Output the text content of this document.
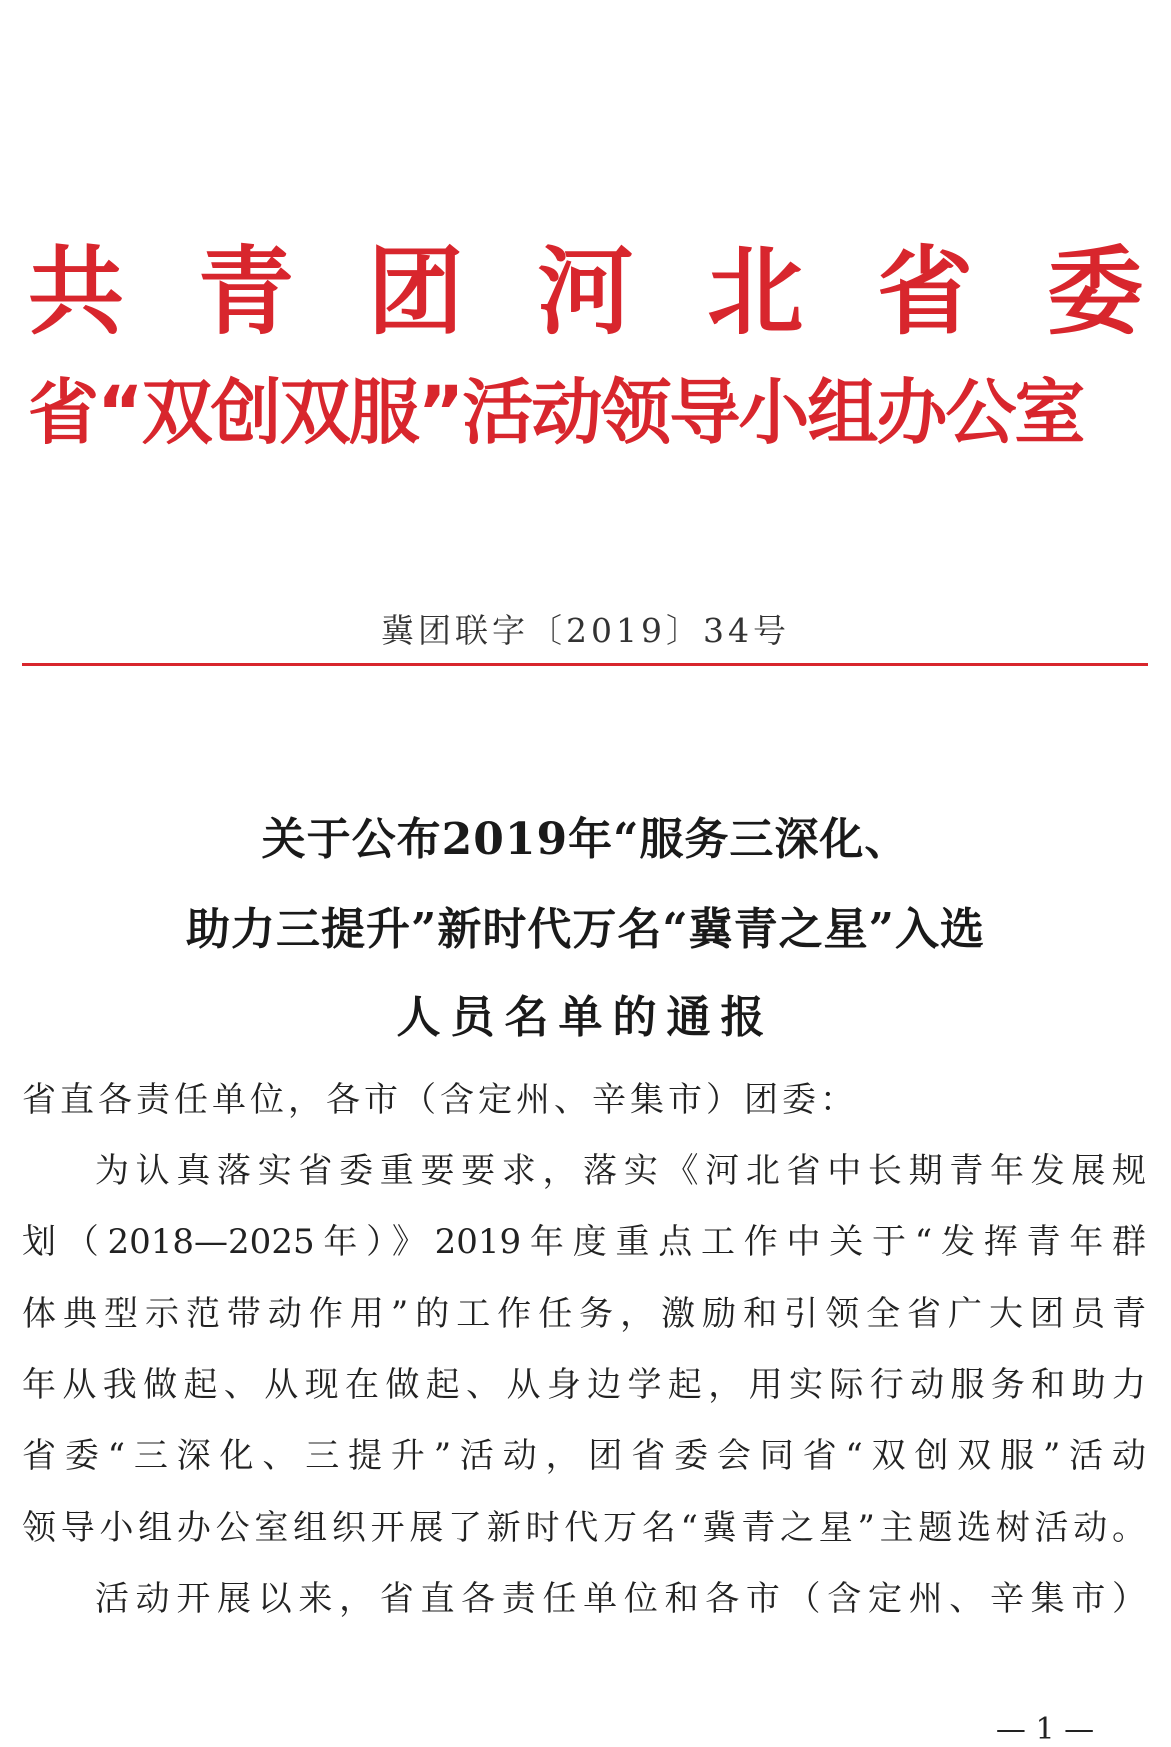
共 青 团 河 北 省 委
省“双创双服”活动领导小组办公室
冀团联字〔2019〕34号
关于公布2019年“服务三深化、
助力三提升”新时代万名“冀青之星”入选
人员名单的通报
省直各责任单位，各市（含定州、辛集市）团委：
为认真落实省委重要要求，落实《河北省中长期青年发展规
划（2018—2025年）》2019年度重点工作中关于“发挥青年群
体典型示范带动作用”的工作任务，激励和引领全省广大团员青
年从我做起、从现在做起、从身边学起，用实际行动服务和助力
省委“三深化、三提升”活动，团省委会同省“双创双服”活动
领导小组办公室组织开展了新时代万名“冀青之星”主题选树活动。
活动开展以来，省直各责任单位和各市（含定州、辛集市）
— 1 —
